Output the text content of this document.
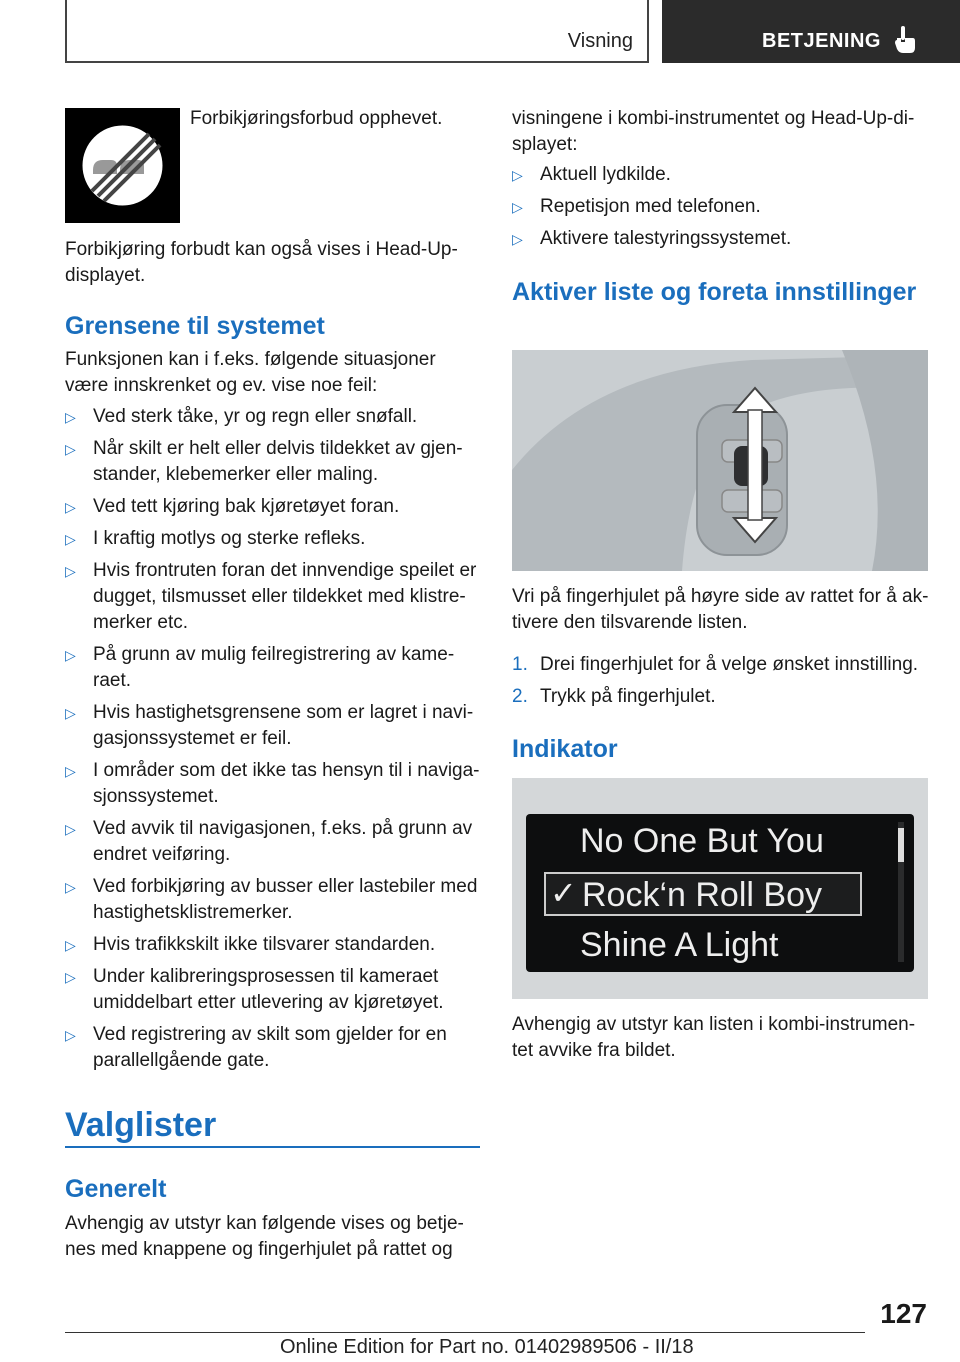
Visning	BETJENING
Forbikjøringsforbud opphevet.
Forbikjøring forbudt kan også vises i Head-Up-displayet.
Grensene til systemet
Funksjonen kan i f.eks. følgende situasjoner være innskrenket og ev. vise noe feil:
▷ Ved sterk tåke, yr og regn eller snøfall.
▷ Når skilt er helt eller delvis tildekket av gjen-stander, klebemerker eller maling.
▷ Ved tett kjøring bak kjøretøyet foran.
▷ I kraftig motlys og sterke refleks.
▷ Hvis frontruten foran det innvendige speilet er dugget, tilsmusset eller tildekket med klistre-merker etc.
▷ På grunn av mulig feilregistrering av kame-raet.
▷ Hvis hastighetsgrensene som er lagret i navi-gasjonssystemet er feil.
▷ I områder som det ikke tas hensyn til i naviga-sjonssystemet.
▷ Ved avvik til navigasjonen, f.eks. på grunn av endret veiføring.
▷ Ved forbikjøring av busser eller lastebiler med hastighetsklistremerker.
▷ Hvis trafikkskilt ikke tilsvarer standarden.
▷ Under kalibreringsprosessen til kameraet umiddelbart etter utlevering av kjøretøyet.
▷ Ved registrering av skilt som gjelder for en parallellgående gate.
Valglister
Generelt
Avhengig av utstyr kan følgende vises og betje-nes med knappene og fingerhjulet på rattet og
visningene i kombi-instrumentet og Head-Up-di-splayet:
▷ Aktuell lydkilde.
▷ Repetisjon med telefonen.
▷ Aktivere talestyringssystemet.
Aktiver liste og foreta innstillinger
Vri på fingerhjulet på høyre side av rattet for å ak-tivere den tilsvarende listen.
1. Drei fingerhjulet for å velge ønsket innstilling.
2. Trykk på fingerhjulet.
Indikator
No One But You
✓ Rock‘n Roll Boy
Shine A Light
Avhengig av utstyr kan listen i kombi-instrumen-tet avvike fra bildet.
127
Online Edition for Part no. 01402989506 - II/18
